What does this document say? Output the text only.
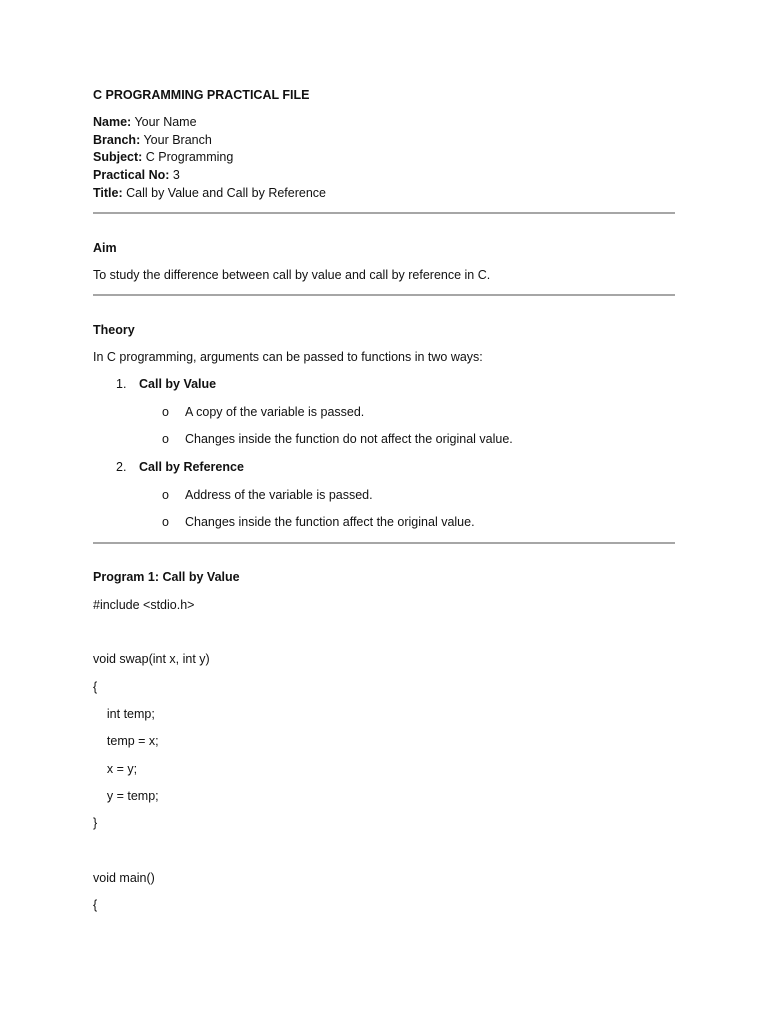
C PROGRAMMING PRACTICAL FILE
Name: Your Name
Branch: Your Branch
Subject: C Programming
Practical No: 3
Title: Call by Value and Call by Reference
Aim
To study the difference between call by value and call by reference in C.
Theory
In C programming, arguments can be passed to functions in two ways:
1. Call by Value
o A copy of the variable is passed.
o Changes inside the function do not affect the original value.
2. Call by Reference
o Address of the variable is passed.
o Changes inside the function affect the original value.
Program 1: Call by Value
#include <stdio.h>
void swap(int x, int y)
{
int temp;
temp = x;
x = y;
y = temp;
}
void main()
{
